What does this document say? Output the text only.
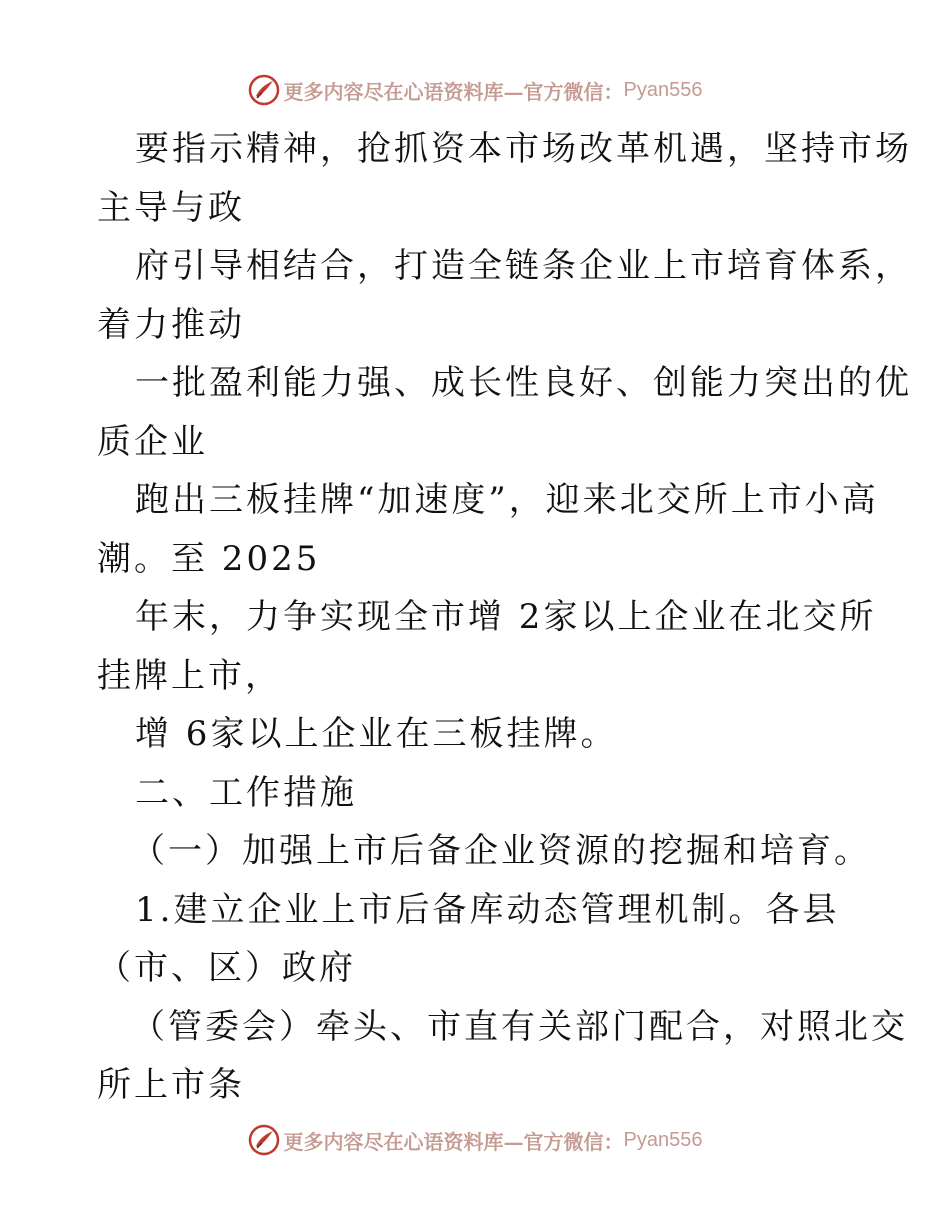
更多内容尽在心语资料库—官方微信： Pyan556
要指示精神，抢抓资本市场改革机遇，坚持市场
主导与政
府引导相结合，打造全链条企业上市培育体系，
着力推动
一批盈利能力强、成长性良好、创能力突出的优
质企业
跑出三板挂牌“加速度”，迎来北交所上市小高
潮。至 2025
年末，力争实现全市增 2家以上企业在北交所
挂牌上市，
增 6家以上企业在三板挂牌。
二、工作措施
（一）加强上市后备企业资源的挖掘和培育。
1.建立企业上市后备库动态管理机制。各县
（市、区）政府
（管委会）牵头、市直有关部门配合，对照北交
所上市条
更多内容尽在心语资料库—官方微信： Pyan556
